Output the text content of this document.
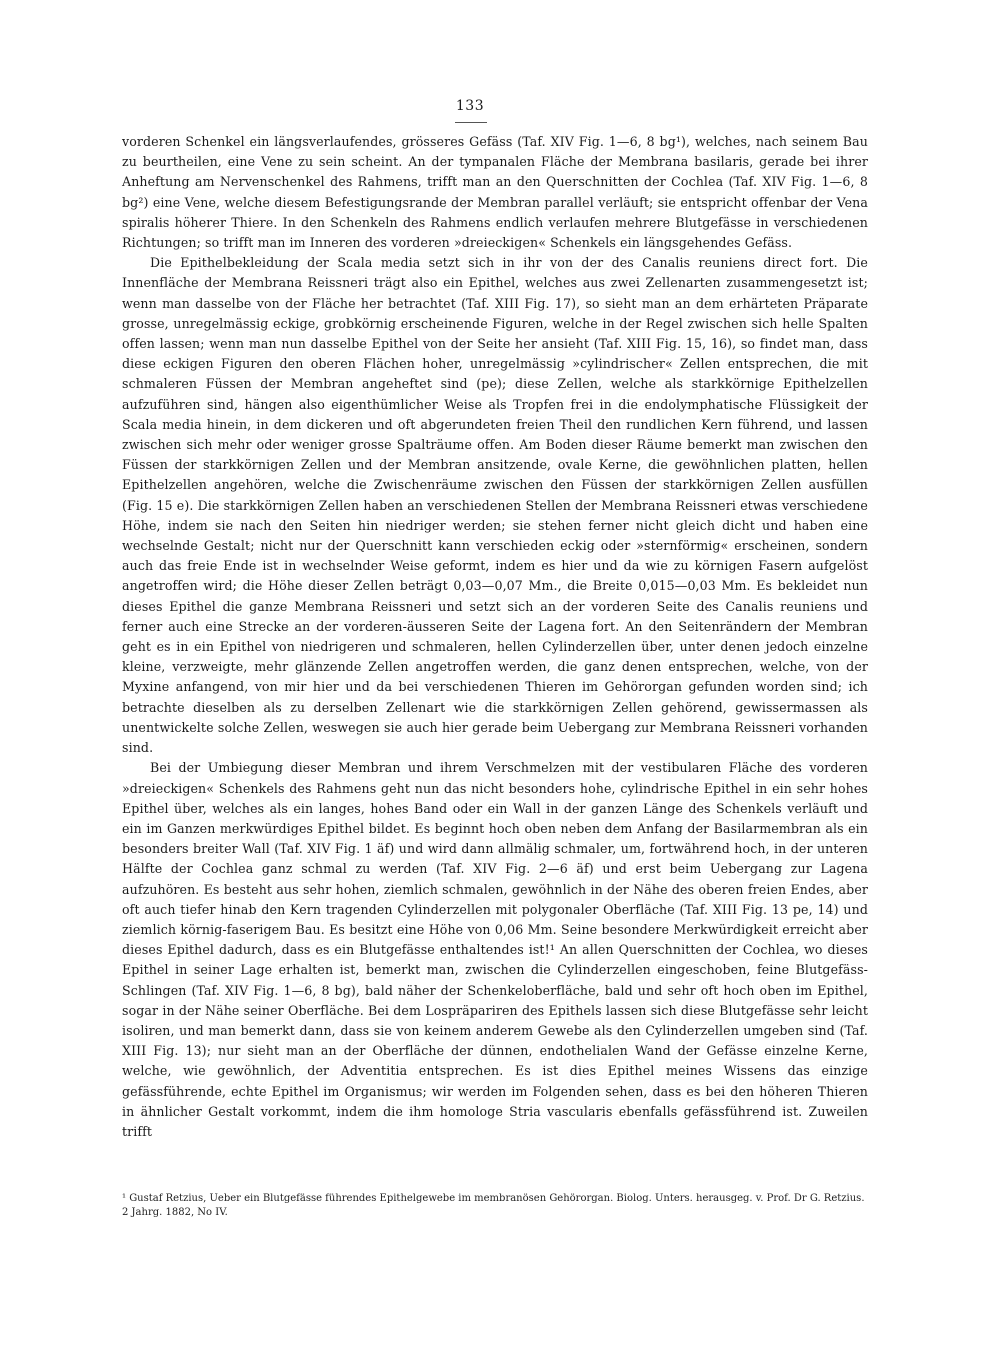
133

vorderen Schenkel ein längsverlaufendes, grösseres Gefäss (Taf. XIV Fig. 1—6, 8 bg¹), welches, nach seinem Bau zu beurtheilen, eine Vene zu sein scheint. An der tympanalen Fläche der Membrana basilaris, gerade bei ihrer Anheftung am Nervenschenkel des Rahmens, trifft man an den Querschnitten der Cochlea (Taf. XIV Fig. 1—6, 8 bg²) eine Vene, welche diesem Befestigungsrande der Membran parallel verläuft; sie entspricht offenbar der Vena spiralis höherer Thiere. In den Schenkeln des Rahmens endlich verlaufen mehrere Blutgefässe in verschiedenen Richtungen; so trifft man im Inneren des vorderen »dreieckigen« Schenkels ein längsgehendes Gefäss.

Die Epithelbekleidung der Scala media setzt sich in ihr von der des Canalis reuniens direct fort. Die Innenfläche der Membrana Reissneri trägt also ein Epithel, welches aus zwei Zellenarten zusammengesetzt ist; wenn man dasselbe von der Fläche her betrachtet (Taf. XIII Fig. 17), so sieht man an dem erhärteten Präparate grosse, unregelmässig eckige, grobkörnig erscheinende Figuren, welche in der Regel zwischen sich helle Spalten offen lassen; wenn man nun dasselbe Epithel von der Seite her ansieht (Taf. XIII Fig. 15, 16), so findet man, dass diese eckigen Figuren den oberen Flächen hoher, unregelmässig »cylindrischer« Zellen entsprechen, die mit schmaleren Füssen der Membran angeheftet sind (pe); diese Zellen, welche als starkkörnige Epithelzellen aufzuführen sind, hängen also eigenthümlicher Weise als Tropfen frei in die endolymphatische Flüssigkeit der Scala media hinein, in dem dickeren und oft abgerundeten freien Theil den rundlichen Kern führend, und lassen zwischen sich mehr oder weniger grosse Spalträume offen. Am Boden dieser Räume bemerkt man zwischen den Füssen der starkkörnigen Zellen und der Membran ansitzende, ovale Kerne, die gewöhnlichen platten, hellen Epithelzellen angehören, welche die Zwischenräume zwischen den Füssen der starkkörnigen Zellen ausfüllen (Fig. 15 e). Die starkkörnigen Zellen haben an verschiedenen Stellen der Membrana Reissneri etwas verschiedene Höhe, indem sie nach den Seiten hin niedriger werden; sie stehen ferner nicht gleich dicht und haben eine wechselnde Gestalt; nicht nur der Querschnitt kann verschieden eckig oder »sternförmig« erscheinen, sondern auch das freie Ende ist in wechselnder Weise geformt, indem es hier und da wie zu körnigen Fasern aufgelöst angetroffen wird; die Höhe dieser Zellen beträgt 0,03—0,07 Mm., die Breite 0,015—0,03 Mm. Es bekleidet nun dieses Epithel die ganze Membrana Reissneri und setzt sich an der vorderen Seite des Canalis reuniens und ferner auch eine Strecke an der vorderen-äusseren Seite der Lagena fort. An den Seitenrändern der Membran geht es in ein Epithel von niedrigeren und schmaleren, hellen Cylinderzellen über, unter denen jedoch einzelne kleine, verzweigte, mehr glänzende Zellen angetroffen werden, die ganz denen entsprechen, welche, von der Myxine anfangend, von mir hier und da bei verschiedenen Thieren im Gehörorgan gefunden worden sind; ich betrachte dieselben als zu derselben Zellenart wie die starkkörnigen Zellen gehörend, gewissermassen als unentwickelte solche Zellen, weswegen sie auch hier gerade beim Uebergang zur Membrana Reissneri vorhanden sind.

Bei der Umbiegung dieser Membran und ihrem Verschmelzen mit der vestibularen Fläche des vorderen »dreieckigen« Schenkels des Rahmens geht nun das nicht besonders hohe, cylindrische Epithel in ein sehr hohes Epithel über, welches als ein langes, hohes Band oder ein Wall in der ganzen Länge des Schenkels verläuft und ein im Ganzen merkwürdiges Epithel bildet. Es beginnt hoch oben neben dem Anfang der Basilarmembran als ein besonders breiter Wall (Taf. XIV Fig. 1 äf) und wird dann allmälig schmaler, um, fortwährend hoch, in der unteren Hälfte der Cochlea ganz schmal zu werden (Taf. XIV Fig. 2—6 äf) und erst beim Uebergang zur Lagena aufzuhören. Es besteht aus sehr hohen, ziemlich schmalen, gewöhnlich in der Nähe des oberen freien Endes, aber oft auch tiefer hinab den Kern tragenden Cylinderzellen mit polygonaler Oberfläche (Taf. XIII Fig. 13 pe, 14) und ziemlich körnig-faserigem Bau. Es besitzt eine Höhe von 0,06 Mm. Seine besondere Merkwürdigkeit erreicht aber dieses Epithel dadurch, dass es ein Blutgefässe enthaltendes ist!¹ An allen Querschnitten der Cochlea, wo dieses Epithel in seiner Lage erhalten ist, bemerkt man, zwischen die Cylinderzellen eingeschoben, feine Blutgefäss-Schlingen (Taf. XIV Fig. 1—6, 8 bg), bald näher der Schenkeloberfläche, bald und sehr oft hoch oben im Epithel, sogar in der Nähe seiner Oberfläche. Bei dem Lospräpariren des Epithels lassen sich diese Blutgefässe sehr leicht isoliren, und man bemerkt dann, dass sie von keinem anderem Gewebe als den Cylinderzellen umgeben sind (Taf. XIII Fig. 13); nur sieht man an der Oberfläche der dünnen, endothelialen Wand der Gefässe einzelne Kerne, welche, wie gewöhnlich, der Adventitia entsprechen. Es ist dies Epithel meines Wissens das einzige gefässführende, echte Epithel im Organismus; wir werden im Folgenden sehen, dass es bei den höheren Thieren in ähnlicher Gestalt vorkommt, indem die ihm homologe Stria vascularis ebenfalls gefässführend ist. Zuweilen trifft

¹ Gustaf Retzius, Ueber ein Blutgefässe führendes Epithelgewebe im membranösen Gehörorgan. Biolog. Unters. herausgeg. v. Prof. Dr G. Retzius.
2 Jahrg. 1882, No IV.
